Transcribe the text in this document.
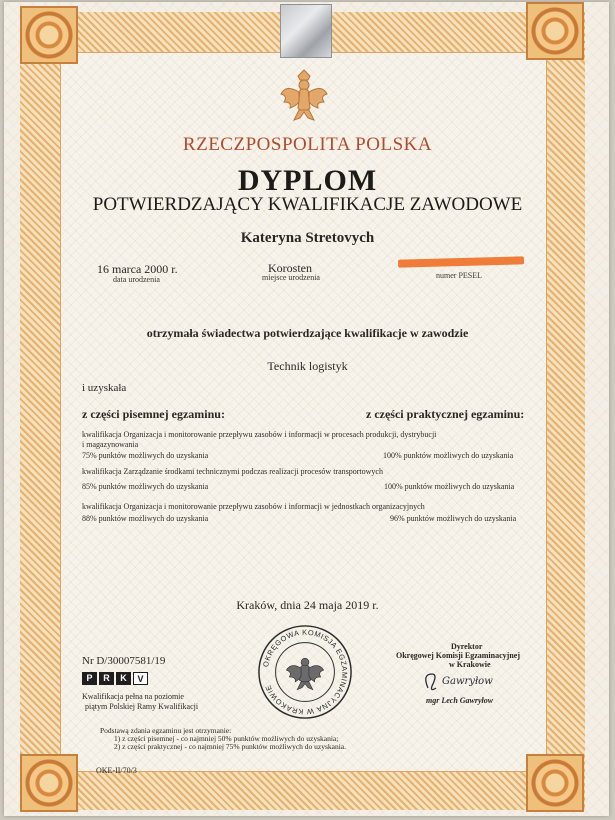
RZECZPOSPOLITA POLSKA
DYPLOM
POTWIERDZAJĄCY KWALIFIKACJE ZAWODOWE
Kateryna Stretovych
16 marca 2000 r.
data urodzenia
Korosten
miejsce urodzenia	numer PESEL
otrzymała świadectwa potwierdzające kwalifikacje w zawodzie
Technik logistyk
i uzyskała
z części pisemnej egzaminu:	z części praktycznej egzaminu:
kwalifikacja Organizacja i monitorowanie przepływu zasobów i informacji w procesach produkcji, dystrybucji
i magazynowania
75% punktów możliwych do uzyskania	100% punktów możliwych do uzyskania
kwalifikacja Zarządzanie środkami technicznymi podczas realizacji procesów transportowych
85% punktów możliwych do uzyskania	100% punktów możliwych do uzyskania
kwalifikacja Organizacja i monitorowanie przepływu zasobów i informacji w jednostkach organizacyjnych
88% punktów możliwych do uzyskania	96% punktów możliwych do uzyskania
Kraków, dnia 24 maja 2019 r.
OKRĘGOWA KOMISJA EGZAMINACYJNA W KRAKOWIE
Nr D/30007581/19
P	R	K	V
Kwalifikacja pełna na poziomie
piątym Polskiej Ramy Kwalifikacji
Dyrektor
Okręgowej Komisji Egzaminacyjnej
w Krakowie
Gawryłow
mgr Lech Gawryłow
Podstawą zdania egzaminu jest otrzymanie:
1) z części pisemnej - co najmniej 50% punktów możliwych do uzyskania;
2) z części praktycznej - co najmniej 75% punktów możliwych do uzyskania.
OKE-II/70/3
